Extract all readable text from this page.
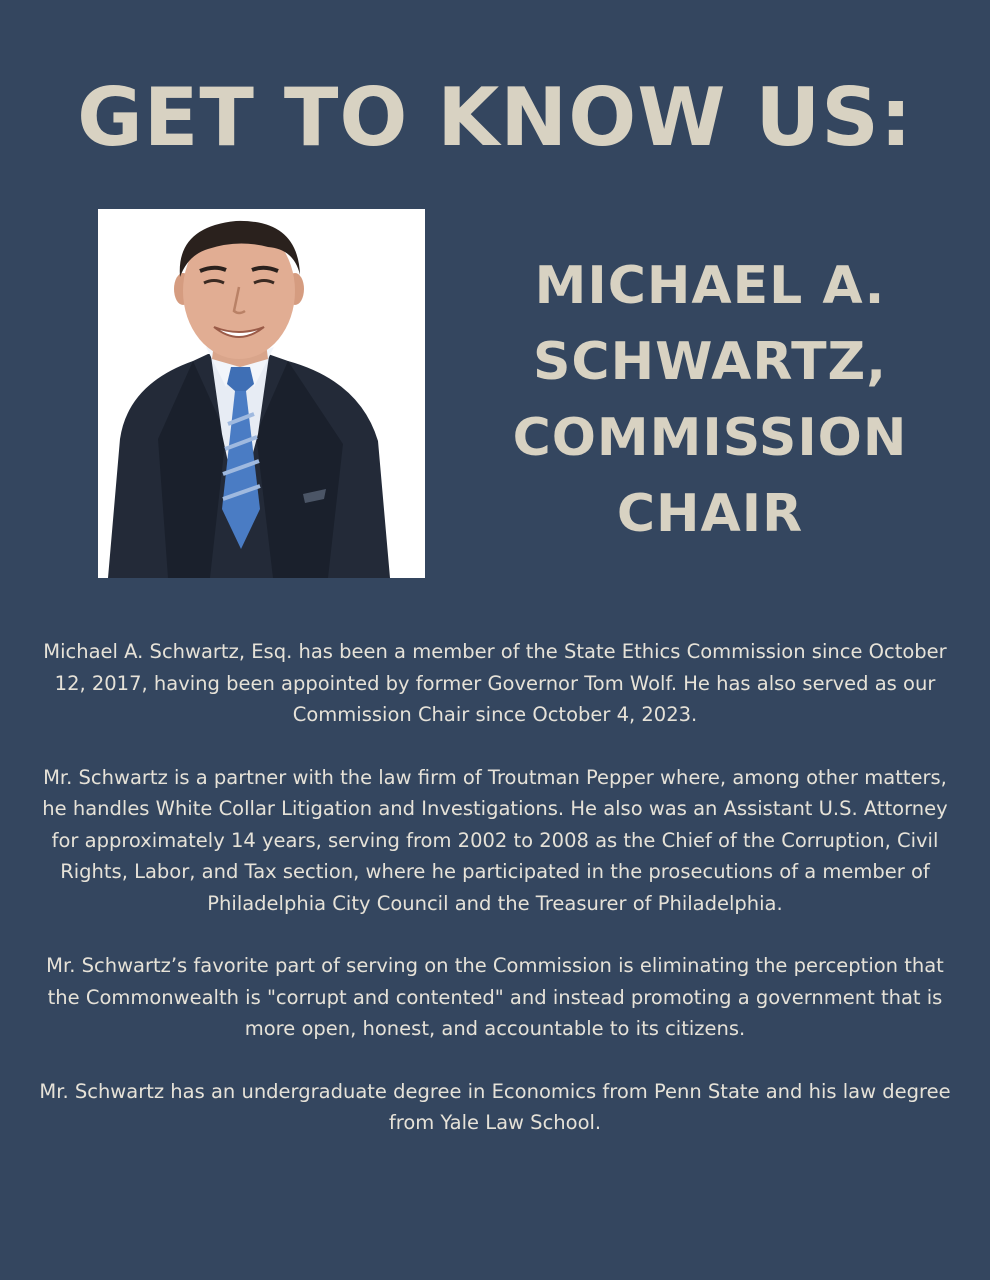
GET TO KNOW US:
MICHAEL A.
SCHWARTZ,
COMMISSION
CHAIR

Michael A. Schwartz, Esq. has been a member of the State Ethics Commission since October 12, 2017, having been appointed by former Governor Tom Wolf. He has also served as our Commission Chair since October 4, 2023.

Mr. Schwartz is a partner with the law firm of Troutman Pepper where, among other matters, he handles White Collar Litigation and Investigations. He also was an Assistant U.S. Attorney for approximately 14 years, serving from 2002 to 2008 as the Chief of the Corruption, Civil Rights, Labor, and Tax section, where he participated in the prosecutions of a member of Philadelphia City Council and the Treasurer of Philadelphia.

Mr. Schwartz’s favorite part of serving on the Commission is eliminating the perception that the Commonwealth is "corrupt and contented" and instead promoting a government that is more open, honest, and accountable to its citizens.

Mr. Schwartz has an undergraduate degree in Economics from Penn State and his law degree from Yale Law School.
